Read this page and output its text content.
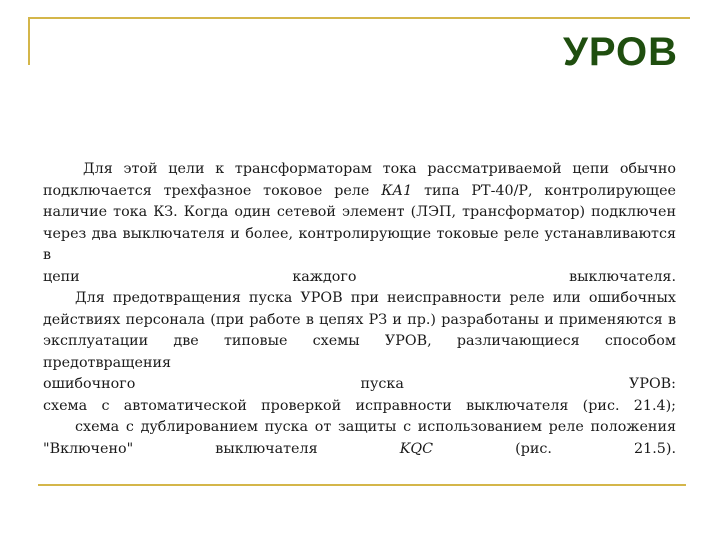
УРОВ

Для этой цели к трансформаторам тока рассматриваемой цепи обычно

подключается трехфазное токовое реле КА1 типа РТ-40/Р, контролирующее

наличие тока КЗ. Когда один сетевой элемент (ЛЭП, трансформатор) подключен

через два выключателя и более, контролирующие токовые реле устанавливаются в

цепи каждого выключателя.

Для предотвращения пуска УРОВ при неисправности реле или ошибочных

действиях персонала (при работе в цепях РЗ и пр.) разработаны и применяются в

эксплуатации две типовые схемы УРОВ, различающиеся способом предотвращения

ошибочного пуска УРОВ:

схема с автоматической проверкой исправности выключателя (рис. 21.4);

схема с дублированием пуска от защиты с использованием реле положения

"Включено" выключателя KQC (рис. 21.5).
